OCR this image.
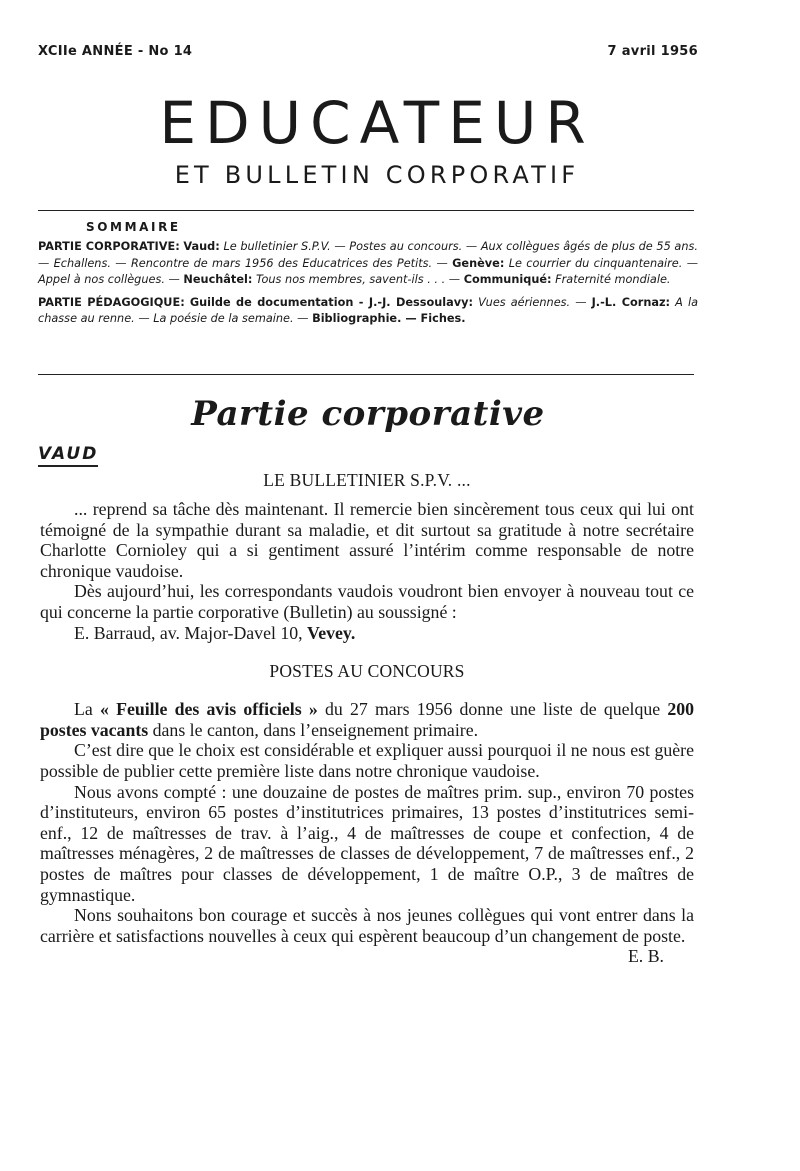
XCIIe ANNÉE - No 14	7 avril 1956
EDUCATEUR
ET BULLETIN CORPORATIF
SOMMAIRE

PARTIE CORPORATIVE: Vaud: Le bulletinier S.P.V. — Postes au concours. — Aux collègues âgés de plus de 55 ans. — Echallens. — Rencontre de mars 1956 des Educatrices des Petits. — Genève: Le courrier du cinquantenaire. — Appel à nos collègues. — Neuchâtel: Tous nos membres, savent-ils . . . — Communiqué: Fraternité mondiale.

PARTIE PÉDAGOGIQUE: Guilde de documentation - J.-J. Dessoulavy: Vues aériennes. — J.-L. Cornaz: A la chasse au renne. — La poésie de la semaine. — Bibliographie. — Fiches.

Partie corporative
VAUD
LE BULLETINIER S.P.V. ...

... reprend sa tâche dès maintenant. Il remercie bien sincèrement tous ceux qui lui ont témoigné de la sympathie durant sa maladie, et dit surtout sa gratitude à notre secrétaire Charlotte Cornioley qui a si gentiment assuré l’intérim comme responsable de notre chronique vaudoise.

Dès aujourd’hui, les correspondants vaudois voudront bien envoyer à nouveau tout ce qui concerne la partie corporative (Bulletin) au soussigné :

E. Barraud, av. Major-Davel 10, Vevey.

POSTES AU CONCOURS

La « Feuille des avis officiels » du 27 mars 1956 donne une liste de quelque 200 postes vacants dans le canton, dans l’enseignement primaire.

C’est dire que le choix est considérable et expliquer aussi pourquoi il ne nous est guère possible de publier cette première liste dans notre chronique vaudoise.

Nous avons compté : une douzaine de postes de maîtres prim. sup., environ 70 postes d’instituteurs, environ 65 postes d’institutrices primaires, 13 postes d’institutrices semi-enf., 12 de maîtresses de trav. à l’aig., 4 de maîtresses de coupe et confection, 4 de maîtresses ménagères, 2 de maîtresses de classes de développement, 7 de maîtresses enf., 2 postes de maîtres pour classes de développement, 1 de maître O.P., 3 de maîtres de gymnastique.

Nons souhaitons bon courage et succès à nos jeunes collègues qui vont entrer dans la carrière et satisfactions nouvelles à ceux qui espèrent beaucoup d’un changement de poste.

E. B.
